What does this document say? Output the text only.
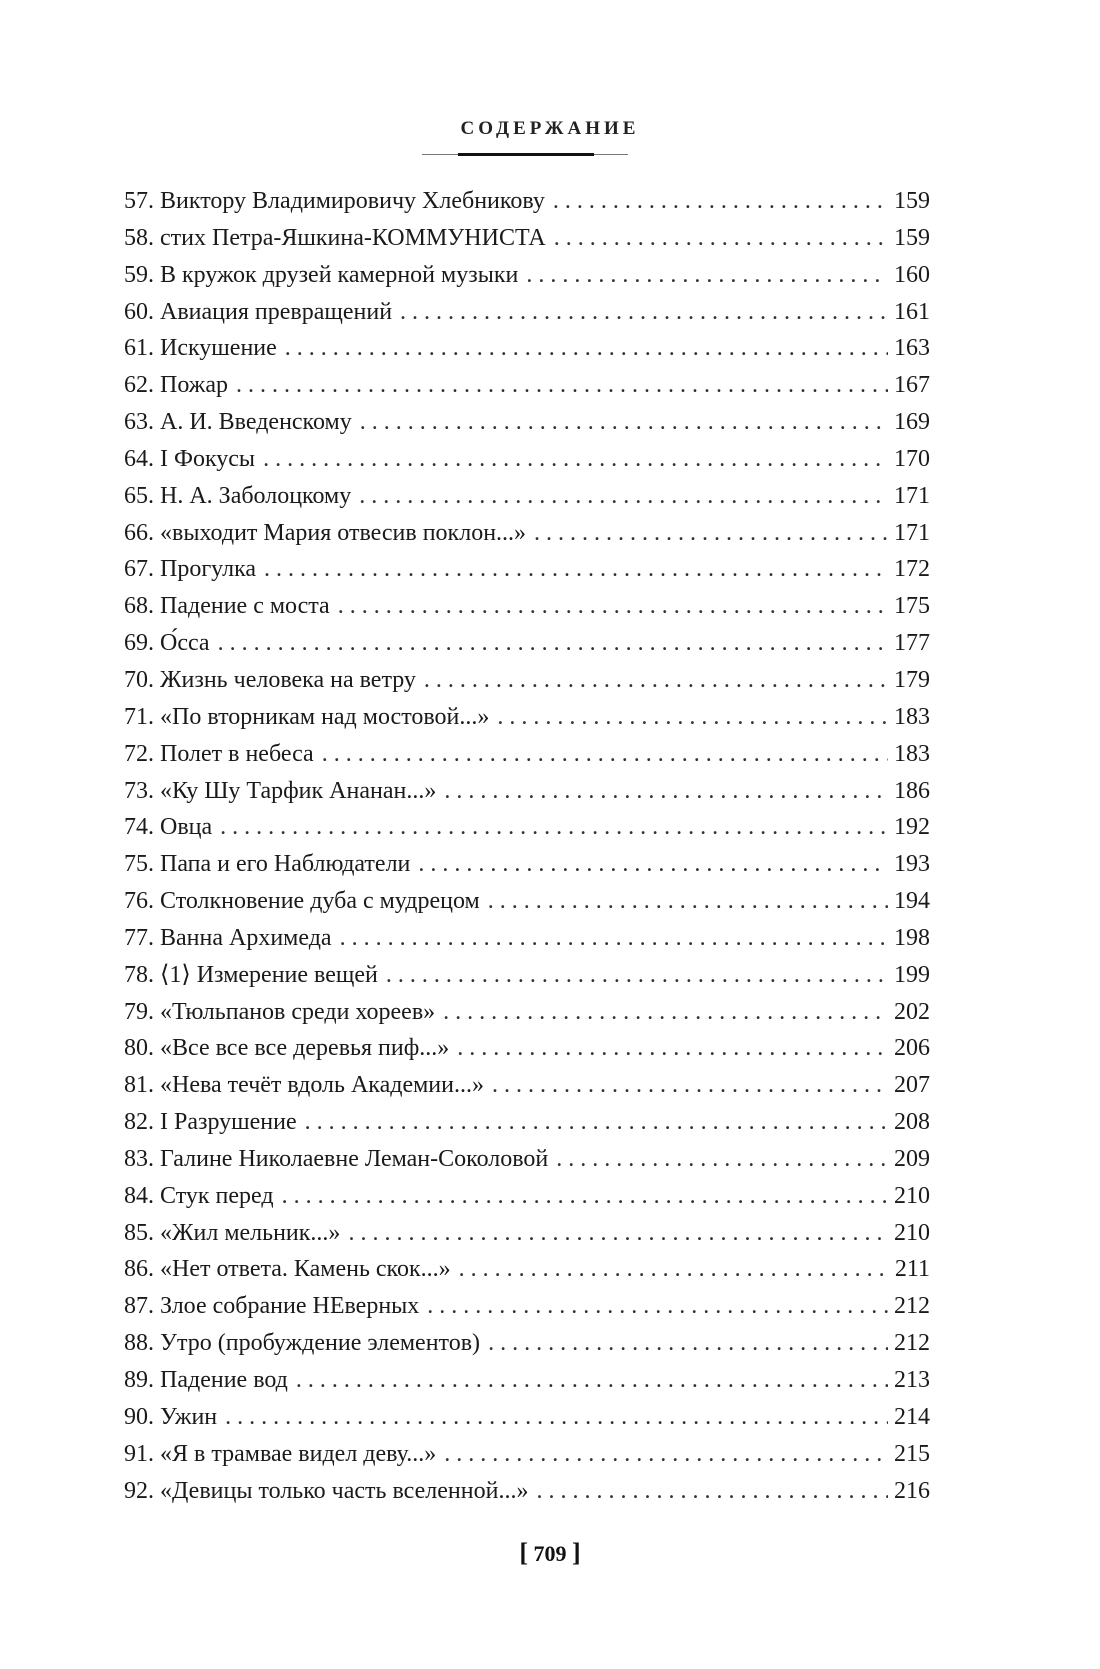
СОДЕРЖАНИЕ
57. Виктору Владимировичу Хлебникову . . .	159
58. стих Петра-Яшкина-КОММУНИСТА . . .	159
59. В кружок друзей камерной музыки . . .	160
60. Авиация превращений . . .	161
61. Искушение . . .	163
62. Пожар . . .	167
63. А. И. Введенскому . . .	169
64. I Фокусы . . .	170
65. Н. А. Заболоцкому . . .	171
66. «выходит Мария отвесив поклон...» . . .	171
67. Прогулка . . .	172
68. Падение с моста . . .	175
69. О́сса . . .	177
70. Жизнь человека на ветру . . .	179
71. «По вторникам над мостовой...» . . .	183
72. Полет в небеса . . .	183
73. «Ку Шу Тарфик Ананан...» . . .	186
74. Овца . . .	192
75. Папа и его Наблюдатели . . .	193
76. Столкновение дуба с мудрецом . . .	194
77. Ванна Архимеда . . .	198
78. ⟨1⟩ Измерение вещей . . .	199
79. «Тюльпанов среди хореев» . . .	202
80. «Все все все деревья пиф...» . . .	206
81. «Нева течёт вдоль Академии...» . . .	207
82. I Разрушение . . .	208
83. Галине Николаевне Леман-Соколовой . . .	209
84. Стук перед . . .	210
85. «Жил мельник...» . . .	210
86. «Нет ответа. Камень скок...» . . .	211
87. Злое собрание НЕверных . . .	212
88. Утро (пробуждение элементов) . . .	212
89. Падение вод . . .	213
90. Ужин . . .	214
91. «Я в трамвае видел деву...» . . .	215
92. «Девицы только часть вселенной...» . . .	216
[ 709 ]
